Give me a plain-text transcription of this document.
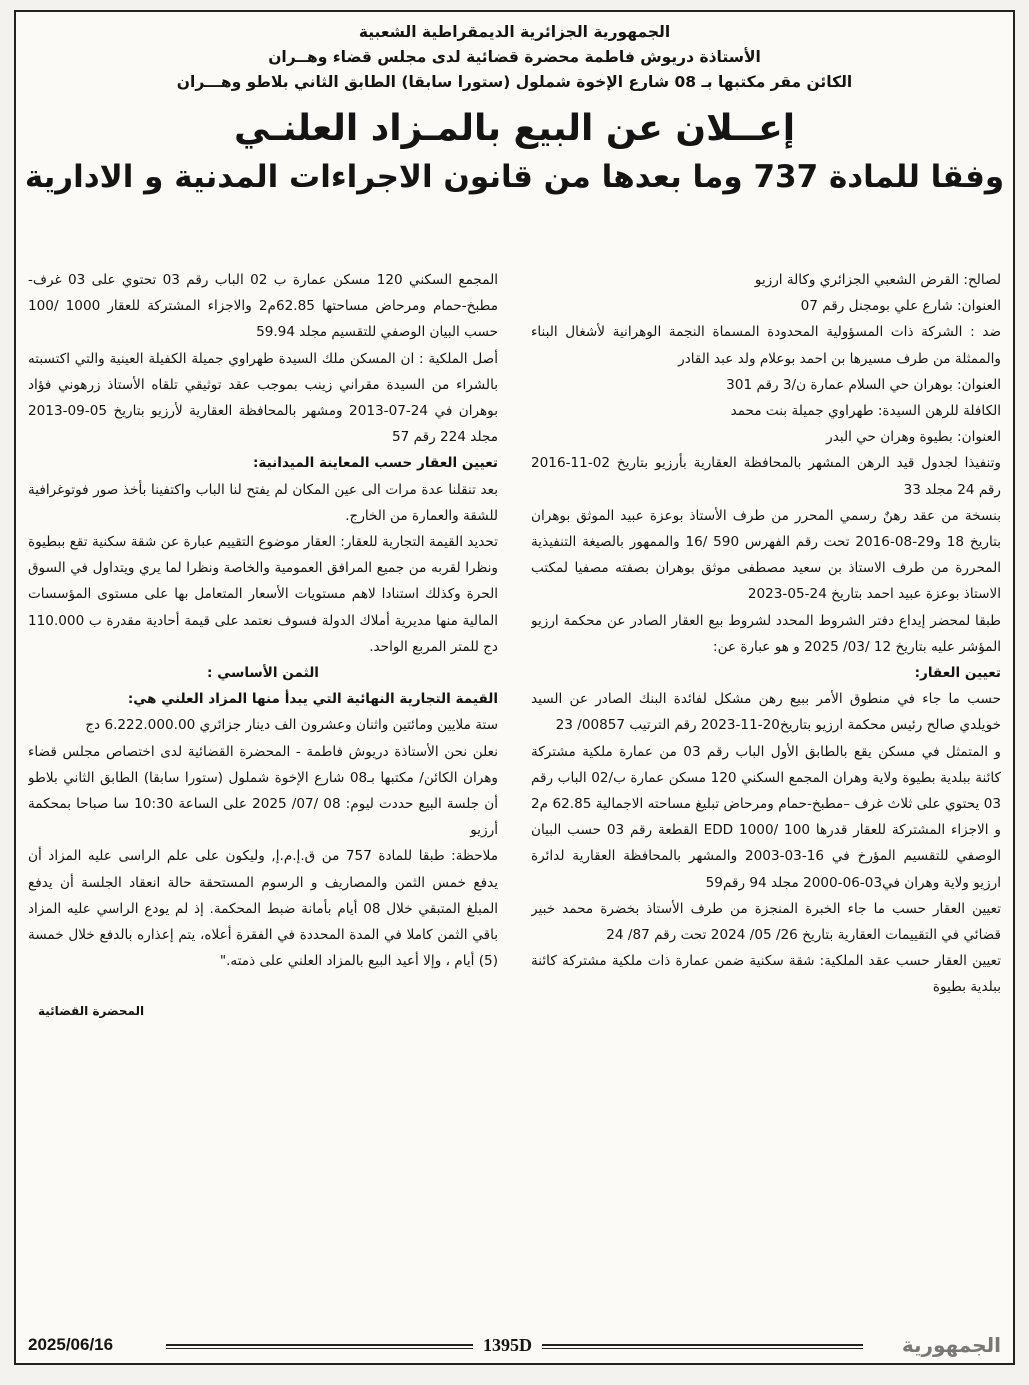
الجمهورية الجزائرية الديمقراطية الشعبية
الأستاذة دريوش فاطمة محضرة قضائية لدى مجلس قضاء وهــران
الكائن مقر مكتبها بـ 08 شارع الإخوة شملول (ستورا سابقا) الطابق الثاني بلاطو وهـــران
إعــلان عن البيع بالمـزاد العلنـي
وفقا للمادة 737 وما بعدها من قانون الاجراءات المدنية و الادارية

لصالح: القرض الشعبي الجزائري وكالة ارزيو

العنوان: شارع علي بومجنل رقم 07

ضد : الشركة ذات المسؤولية المحدودة المسماة النجمة الوهرانية لأشغال البناء والممثلة من طرف مسيرها بن احمد بوعلام ولد عبد القادر

العنوان: بوهران حي السلام عمارة ن/3 رقم 301

الكافلة للرهن السيدة: طهراوي جميلة بنت محمد

العنوان: بطيوة وهران حي البدر

وتنفيذا لجدول قيد الرهن المشهر بالمحافظة العقارية بأرزيو بتاريخ 02-11-2016 رقم 24 مجلد 33

بنسخة من عقد رهنٌ رسمي المحرر من طرف الأستاذ بوعزة عبيد الموثق بوهران بتاريخ 18 و29-08-2016 تحت رقم الفهرس 590 /16 والممهور بالصيغة التنفيذية المحررة من طرف الاستاذ بن سعيد مصطفى موثق بوهران بصفته مصفيا لمكتب الاستاذ بوعزة عبيد احمد بتاريخ 24-05-2023

طبقا لمحضر إيداع دفتر الشروط المحدد لشروط بيع العقار الصادر عن محكمة ارزيو المؤشر عليه بتاريخ 12 /03/ 2025 و هو عبارة عن:

تعيين العقار:

حسب ما جاء في منطوق الأمر ببيع رهن مشكل لفائدة البنك الصادر عن السيد خويلدي صالح رئيس محكمة ارزيو بتاريخ20-11-2023 رقم الترتيب 00857/ 23

و المتمثل في مسكن يقع بالطابق الأول الباب رقم 03 من عمارة ملكية مشتركة كائنة ببلدية بطيوة ولاية وهران المجمع السكني 120 مسكن عمارة ب/02 الباب رقم 03 يحتوي على ثلاث غرف –مطبخ-حمام ومرحاض تبليغ مساحته الاجمالية 62.85 م2 و الاجزاء المشتركة للعقار قدرها 100 /1000 EDD القطعة رقم 03 حسب البيان الوصفي للتقسيم المؤرخ في 16-03-2003 والمشهر بالمحافظة العقارية لدائرة ارزيو ولاية وهران في03-06-2000 مجلد 94 رقم59

تعيين العقار حسب ما جاء الخبرة المنجزة من طرف الأستاذ بخضرة محمد خبير قضائي في التقييمات العقارية بتاريخ 26/ 05/ 2024 تحت رقم 87/ 24

تعيين العقار حسب عقد الملكية: شقة سكنية ضمن عمارة ذات ملكية مشتركة كائنة ببلدية بطيوة

المجمع السكني 120 مسكن عمارة ب 02 الباب رقم 03 تحتوي على 03 غرف-مطبخ-حمام ومرحاض مساحتها 62.85م2 والاجزاء المشتركة للعقار 1000 /100 حسب البيان الوصفي للتقسيم مجلد 59.94

أصل الملكية : ان المسكن ملك السيدة طهراوي جميلة الكفيلة العينية والتي اكتسبته بالشراء من السيدة مقراني زينب بموجب عقد توثيقي تلقاه الأستاذ زرهوني فؤاد بوهران في 24-07-2013 ومشهر بالمحافظة العقارية لأرزيو بتاريخ 05-09-2013 مجلد 224 رقم 57

تعيين العقار حسب المعاينة الميدانية:

بعد تنقلنا عدة مرات الى عين المكان لم يفتح لنا الباب واكتفينا بأخذ صور فوتوغرافية للشقة والعمارة من الخارج.

تحديد القيمة التجارية للعقار: العقار موضوع التقييم عبارة عن شقة سكنية تقع ببطيوة ونظرا لقربه من جميع المرافق العمومية والخاصة ونظرا لما يري ويتداول في السوق الحرة وكذلك استنادا لاهم مستويات الأسعار المتعامل بها على مستوى المؤسسات المالية منها مديرية أملاك الدولة فسوف نعتمد على قيمة أحادية مقدرة ب 110.000 دج للمتر المربع الواحد.

الثمن الأساسي :

القيمة التجارية النهائية التي يبدأ منها المزاد العلني هي:

ستة ملايين ومائتين واثنان وعشرون الف دينار جزائري 6.222.000.00 دج

نعلن نحن الأستاذة دريوش فاطمة - المحضرة القضائية لدى اختصاص مجلس قضاء وهران الكائن/ مكتبها بـ08 شارع الإخوة شملول (ستورا سابقا) الطابق الثاني بلاطو أن جلسة البيع حددت ليوم: 08 /07/ 2025 على الساعة 10:30 سا صباحا بمحكمة أرزيو

ملاحظة: طبقا للمادة 757 من ق.إ.م.إ, وليكون على علم الراسى عليه المزاد أن يدفع خمس الثمن والمصاريف و الرسوم المستحقة حالة انعقاد الجلسة أن يدفع المبلغ المتبقي خلال 08 أيام بأمانة ضبط المحكمة. إذ لم يودع الراسي عليه المزاد باقي الثمن كاملا في المدة المحددة في الفقرة أعلاه، يتم إعذاره بالدفع خلال خمسة (5) أيام ، وإلا أعيد البيع بالمزاد العلني على ذمته."

المحضرة القضائية
2025/06/16	1395D	الجمهورية
